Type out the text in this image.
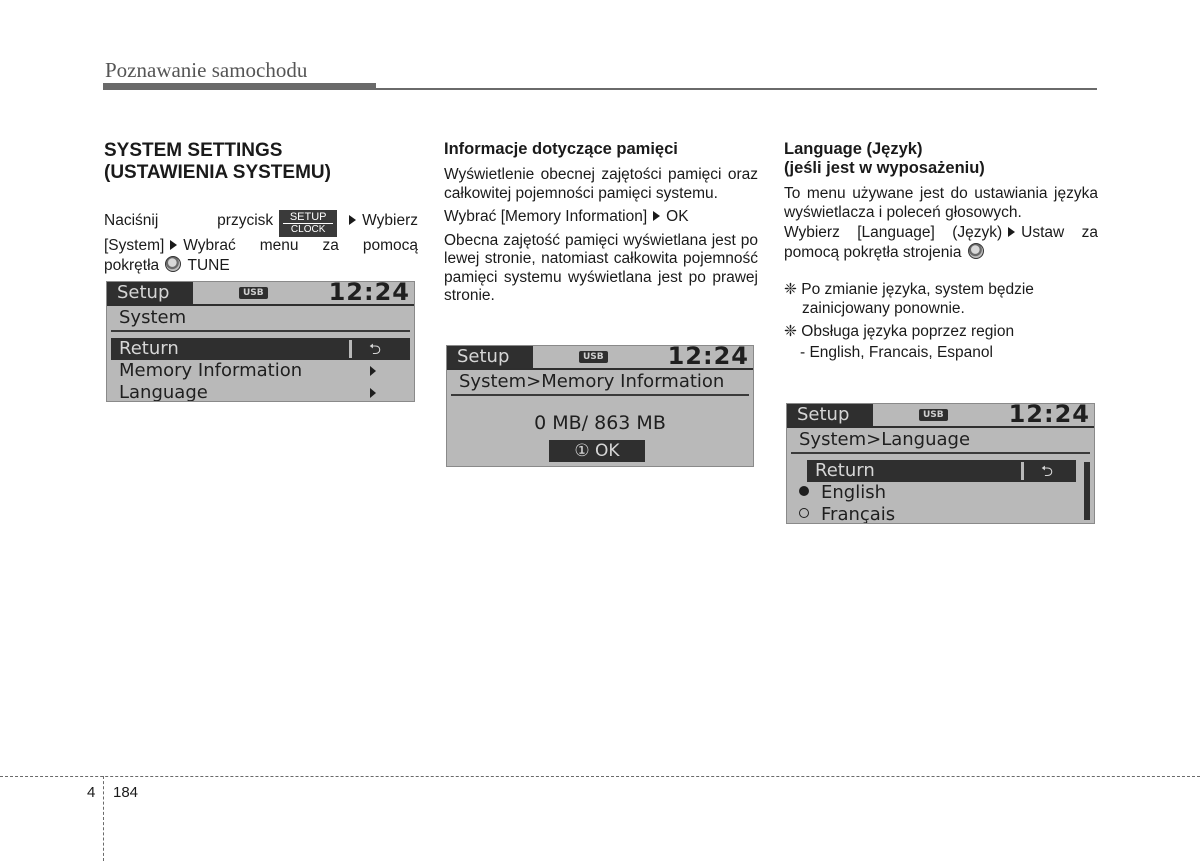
Poznawanie samochodu
SYSTEM SETTINGS
(USTAWIENIA SYSTEMU)

Naciśnij przycisk SETUP
CLOCK
Wybierz [System] Wybrać menu za pomocą pokrętła TUNE

Setup	USB	12:24
System
Return	⮌
Memory Information
Language
Informacje dotyczące pamięci

Wyświetlenie obecnej zajętości pamięci oraz całkowitej pojemności pamięci systemu.

Wybrać [Memory Information] OK

Obecna zajętość pamięci wyświetlana jest po lewej stronie, natomiast całkowita pojemność pamięci systemu wyświetlana jest po prawej stronie.

Setup	USB	12:24
System>Memory Information
0 MB/ 863 MB
① OK
Language (Język)
(jeśli jest w wyposażeniu)

To menu używane jest do ustawiania języka wyświetlacza i poleceń głosowych.

Wybierz [Language] (Język) Ustaw za pomocą pokrętła strojenia

❈ Po zmianie języka, system będzie zainicjowany ponownie.
❈ Obsługa języka poprzez region
- English, Francais, Espanol
Setup	USB	12:24
System>Language
Return	⮌
English
Français
4 184
